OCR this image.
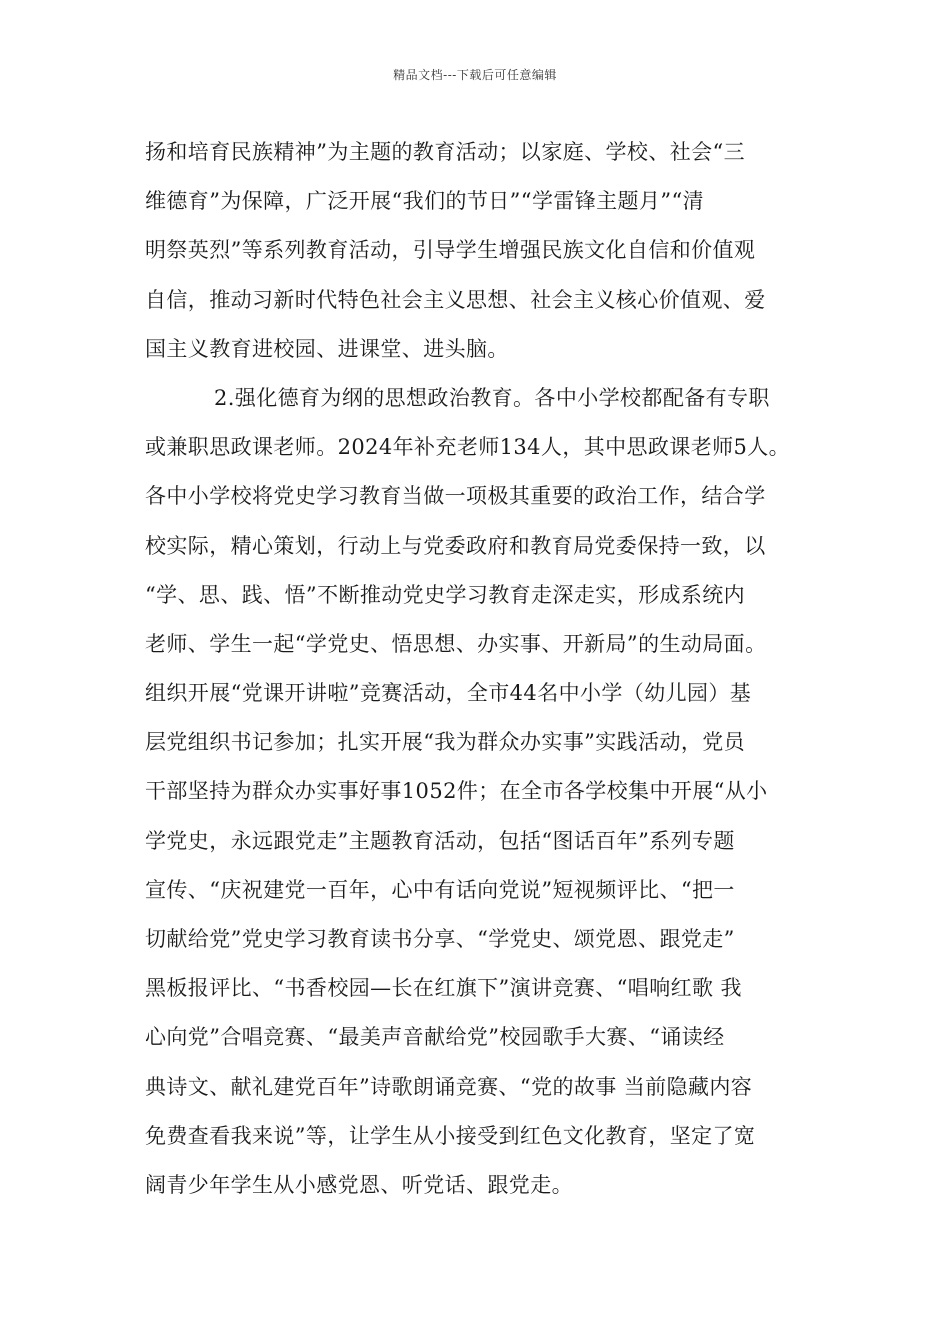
精品文档---下载后可任意编辑
扬和培育民族精神”为主题的教育活动；以家庭、学校、社会“三
维德育”为保障，广泛开展“我们的节日”“学雷锋主题月”“清
明祭英烈”等系列教育活动，引导学生增强民族文化自信和价值观
自信，推动习新时代特色社会主义思想、社会主义核心价值观、爱
国主义教育进校园、进课堂、进头脑。
2.强化德育为纲的思想政治教育。各中小学校都配备有专职
或兼职思政课老师。2024年补充老师134人，其中思政课老师5人。
各中小学校将党史学习教育当做一项极其重要的政治工作，结合学
校实际，精心策划，行动上与党委政府和教育局党委保持一致，以
“学、思、践、悟”不断推动党史学习教育走深走实，形成系统内
老师、学生一起“学党史、悟思想、办实事、开新局”的生动局面。
组织开展“党课开讲啦”竞赛活动，全市44名中小学（幼儿园）基
层党组织书记参加；扎实开展“我为群众办实事”实践活动，党员
干部坚持为群众办实事好事1052件；在全市各学校集中开展“从小
学党史，永远跟党走”主题教育活动，包括“图话百年”系列专题
宣传、“庆祝建党一百年，心中有话向党说”短视频评比、“把一
切献给党”党史学习教育读书分享、“学党史、颂党恩、跟党走”
黑板报评比、“书香校园—长在红旗下”演讲竞赛、“唱响红歌 我
心向党”合唱竞赛、“最美声音献给党”校园歌手大赛、“诵读经
典诗文、献礼建党百年”诗歌朗诵竞赛、“党的故事 当前隐藏内容
免费查看我来说”等，让学生从小接受到红色文化教育，坚定了宽
阔青少年学生从小感党恩、听党话、跟党走。
